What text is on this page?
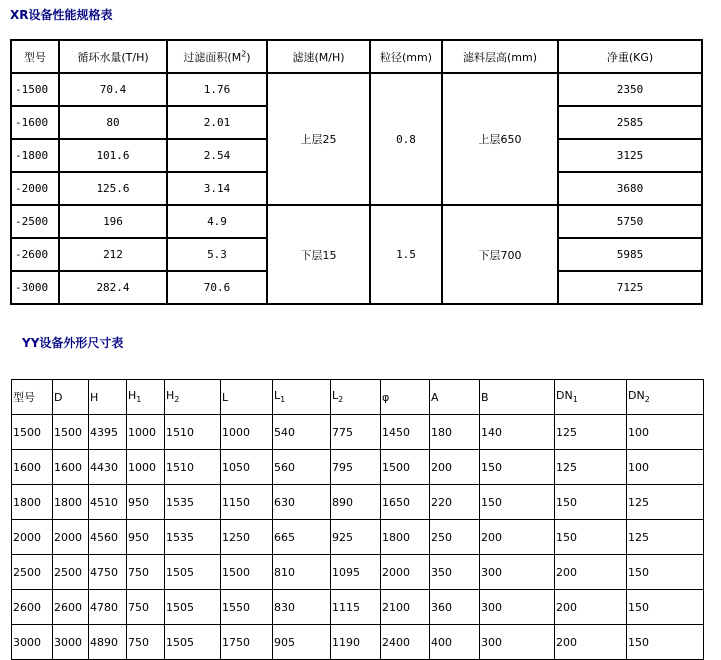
XR设备性能规格表
型号	循环水量(T/H)	过滤面积$(M^2)$	滤速(M/H)	粒径(mm)	滤料层高(mm)	净重(KG)
-1500	70.4	1.76	上层25	0.8	上层650	2350
-1600	80	2.01				2585
-1800	101.6	2.54				3125
-2000	125.6	3.14				3680
-2500	196	4.9	下层15	1.5	下层700	5750
-2600	212	5.3				5985
-3000	282.4	70.6				7125
YY设备外形尺寸表
型号	D	H	$H_1$	$H_2$	L	$L_1$	$L_2$	φ	A	B	$DN_1$	$DN_2$
1500	1500	4395	1000	1510	1000	540	775	1450	180	140	125	100
1600	1600	4430	1000	1510	1050	560	795	1500	200	150	125	100
1800	1800	4510	950	1535	1150	630	890	1650	220	150	150	125
2000	2000	4560	950	1535	1250	665	925	1800	250	200	150	125
2500	2500	4750	750	1505	1500	810	1095	2000	350	300	200	150
2600	2600	4780	750	1505	1550	830	1115	2100	360	300	200	150
3000	3000	4890	750	1505	1750	905	1190	2400	400	300	200	150
